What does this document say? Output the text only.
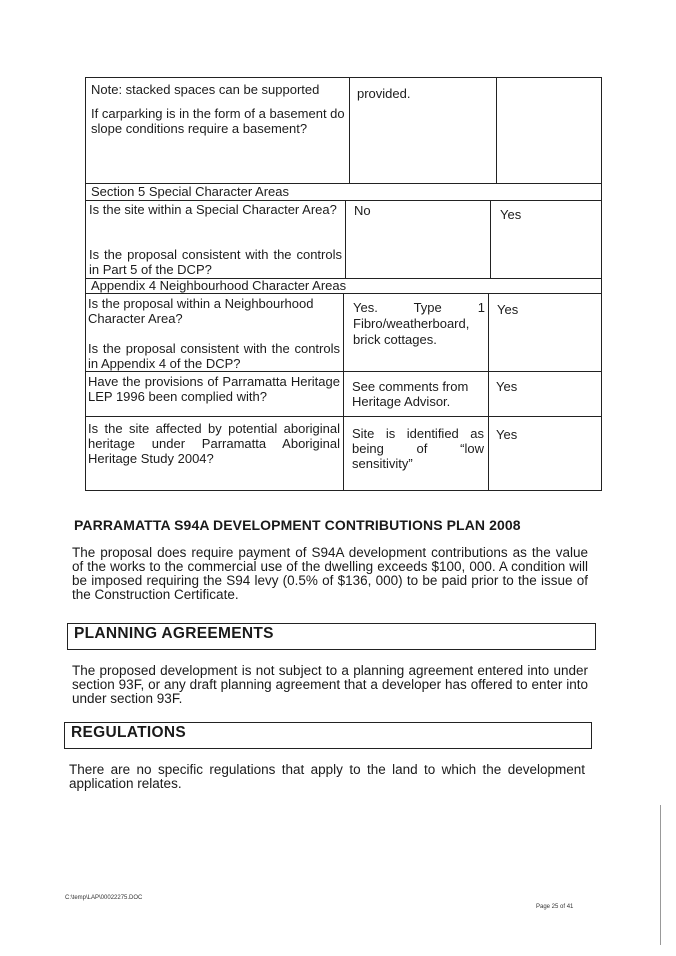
Note: stacked spaces can be supported
If carparking is in the form of a basement do slope conditions require a basement?
provided.
Section 5 Special Character Areas
Is the site within a Special Character Area?
Is the proposal consistent with the controls in Part 5 of the DCP?
No	Yes
Appendix 4 Neighbourhood Character Areas
Is the proposal within a Neighbourhood Character Area?
Is the proposal consistent with the controls in Appendix 4 of the DCP?
Yes. Type 1 Fibro/weatherboard, brick cottages.
Yes
Have the provisions of Parramatta Heritage LEP 1996 been complied with?
See comments from Heritage Advisor.
Yes
Is the site affected by potential aboriginal heritage under Parramatta Aboriginal Heritage Study 2004?
Site is identified as being of “low sensitivity”
Yes
PARRAMATTA S94A DEVELOPMENT CONTRIBUTIONS PLAN 2008
The proposal does require payment of S94A development contributions as the value of the works to the commercial use of the dwelling exceeds $100, 000. A condition will be imposed requiring the S94 levy (0.5% of $136, 000) to be paid prior to the issue of the Construction Certificate.
PLANNING AGREEMENTS
The proposed development is not subject to a planning agreement entered into under section 93F, or any draft planning agreement that a developer has offered to enter into under section 93F.
REGULATIONS
There are no specific regulations that apply to the land to which the development application relates.
C:\temp\LAP\00022275.DOC
Page 25 of 41
